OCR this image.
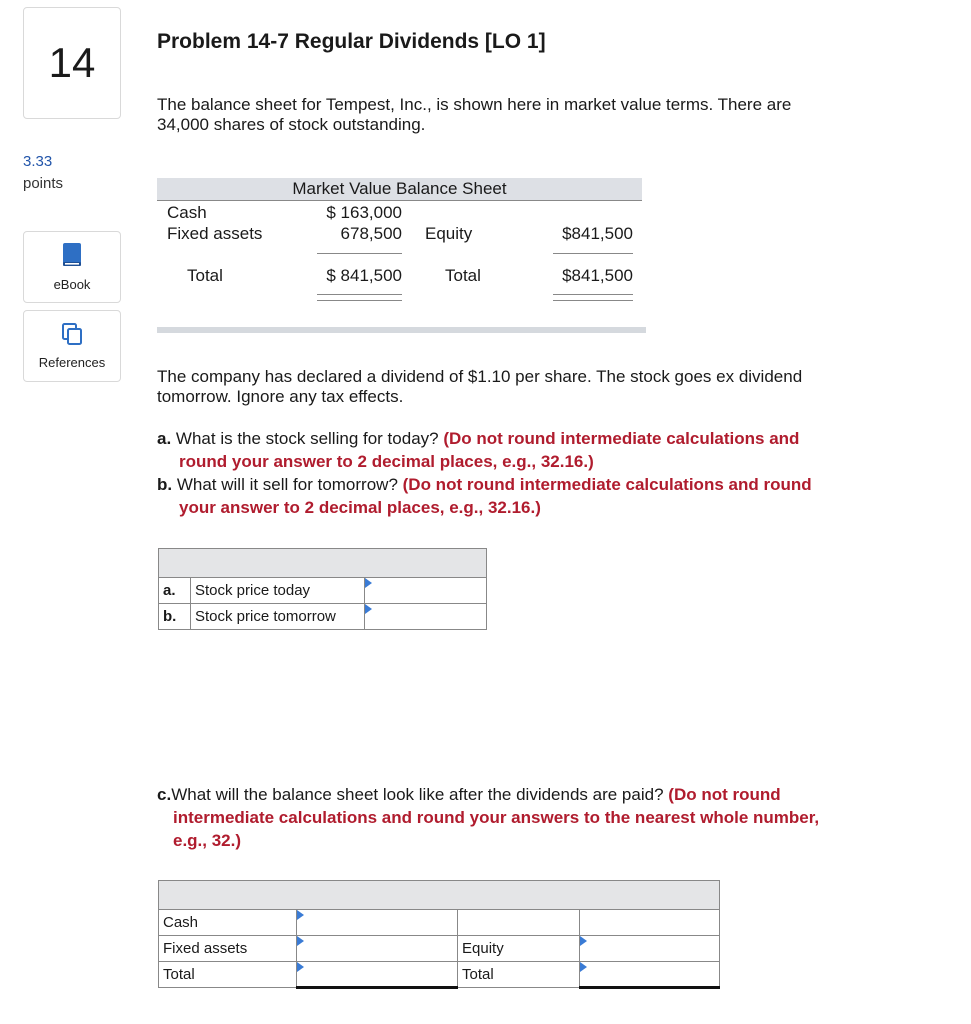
14
3.33
points
eBook
References
Problem 14-7 Regular Dividends [LO 1]
The balance sheet for Tempest, Inc., is shown here in market value terms. There are
34,000 shares of stock outstanding.
Market Value Balance Sheet
Cash	$ 163,000
Fixed assets	678,500 Equity	$841,500
Total	$ 841,500	Total	$841,500
The company has declared a dividend of $1.10 per share. The stock goes ex dividend
tomorrow. Ignore any tax effects.
a. What is the stock selling for today? (Do not round intermediate calculations and
round your answer to 2 decimal places, e.g., 32.16.)
b. What will it sell for tomorrow? (Do not round intermediate calculations and round
your answer to 2 decimal places, e.g., 32.16.)

a.	Stock price today	

b.	Stock price tomorrow	
c.What will the balance sheet look like after the dividends are paid? (Do not round
intermediate calculations and round your answers to the nearest whole number,
e.g., 32.)

Cash	

Fixed assets		Equity	

Total		Total	
